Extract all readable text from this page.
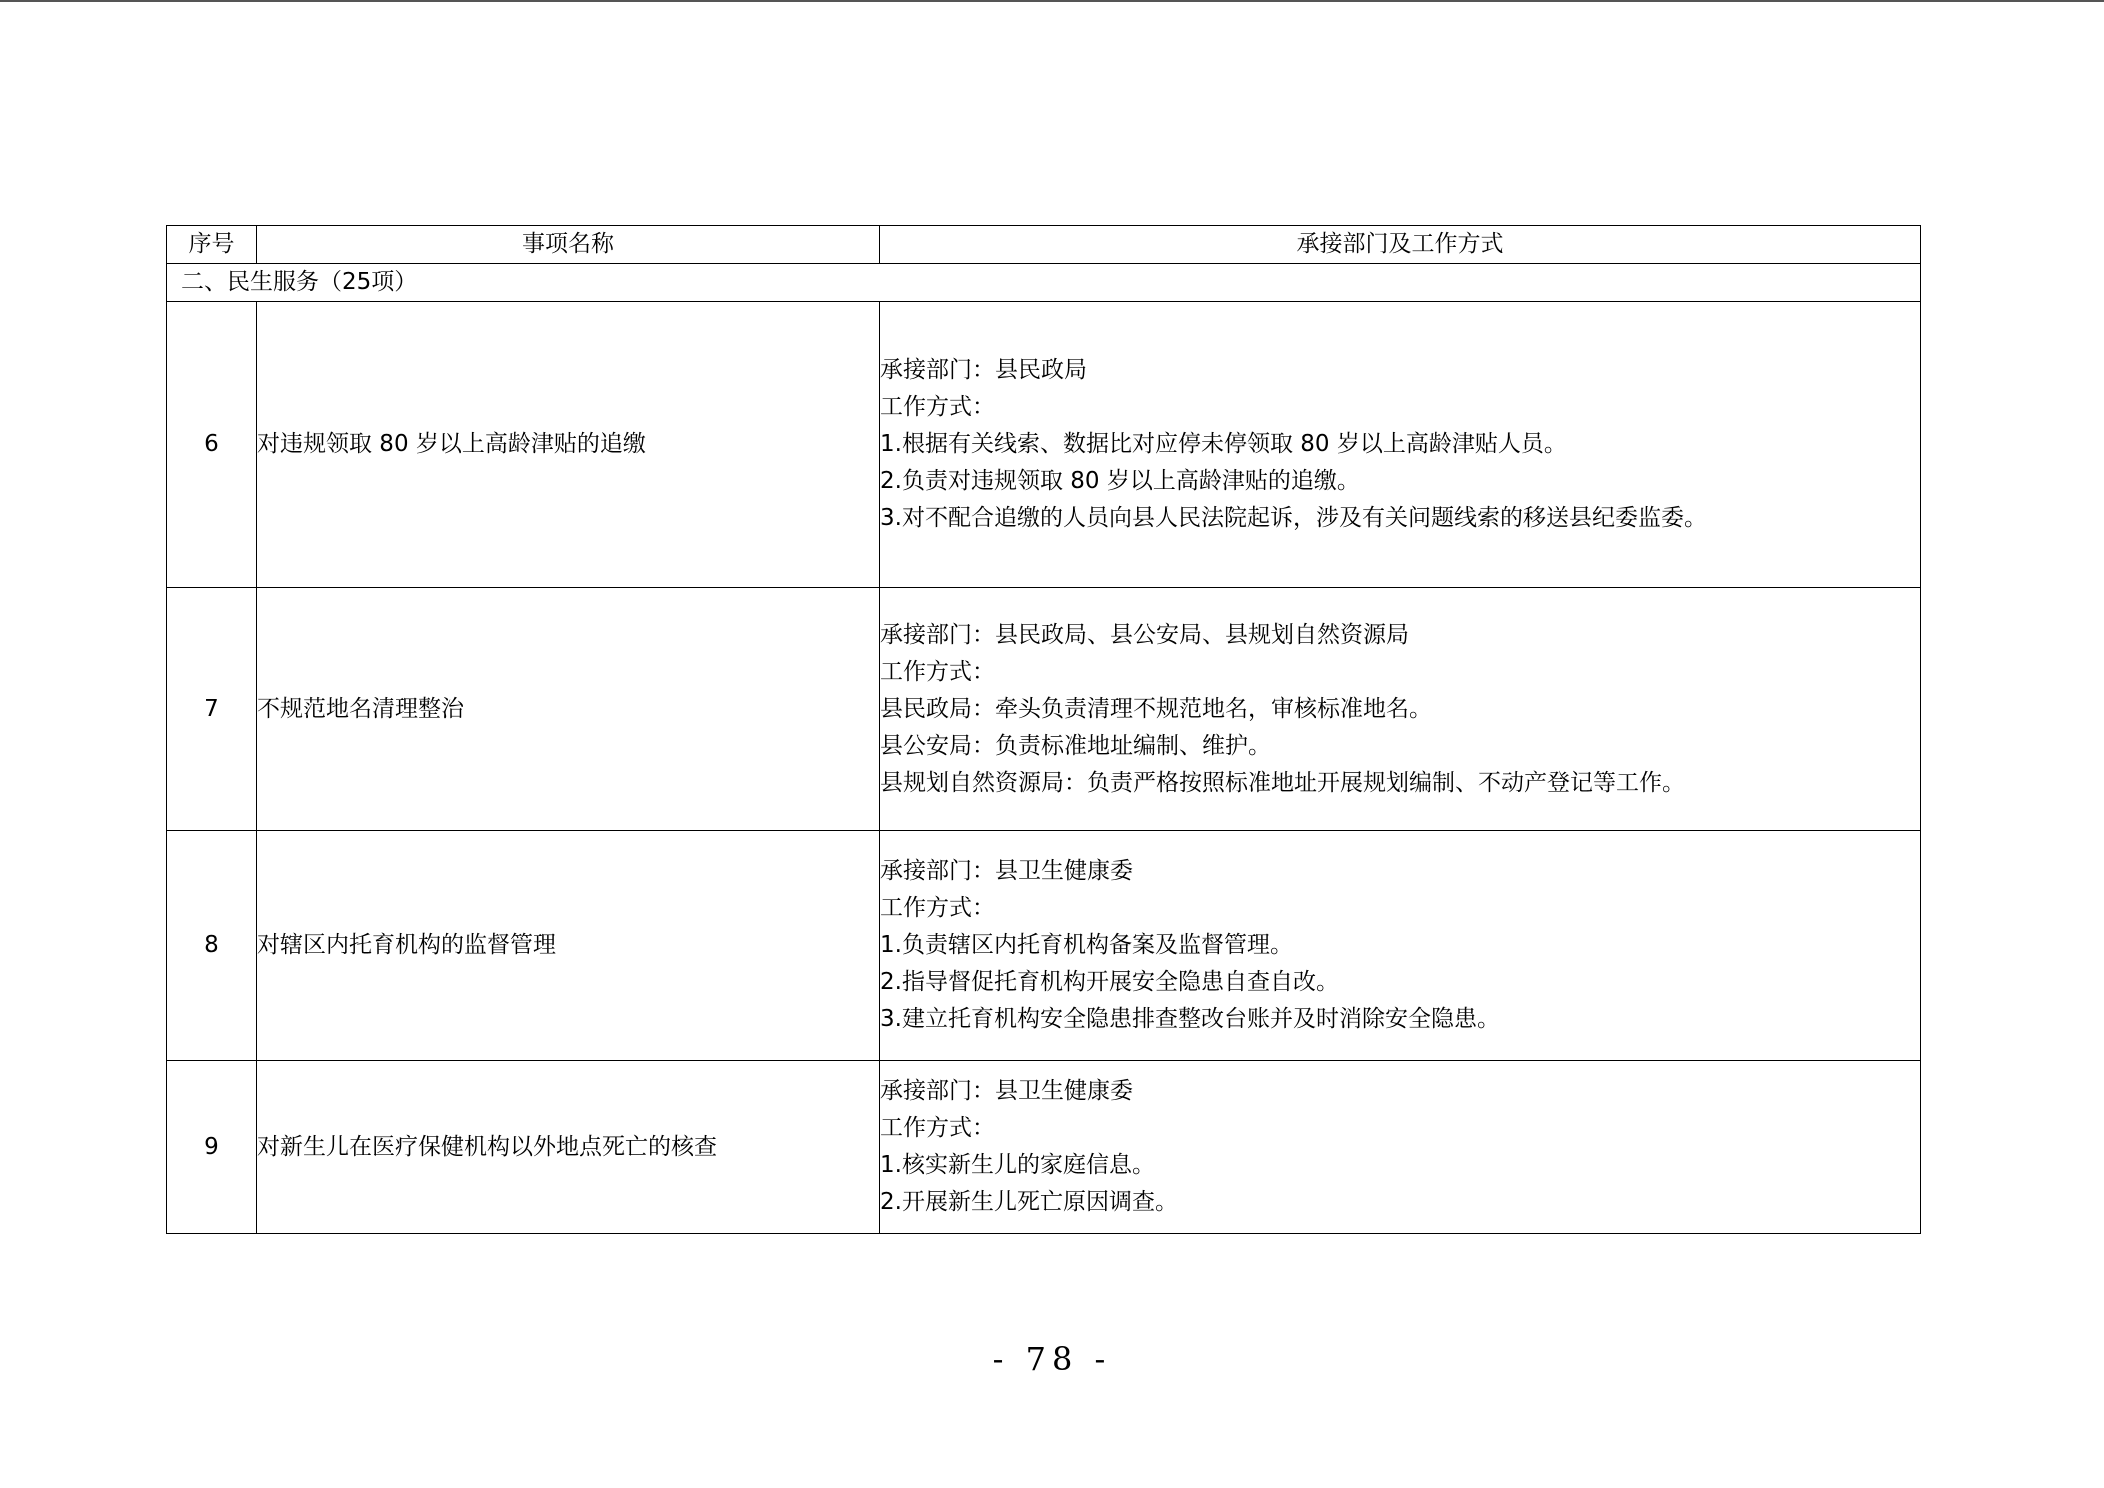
序号	事项名称	承接部门及工作方式
二、民生服务（25项）		
6	对违规领取 80 岁以上高龄津贴的追缴	承接部门：县民政局
工作方式：
1.根据有关线索、数据比对应停未停领取 80 岁以上高龄津贴人员。
2.负责对违规领取 80 岁以上高龄津贴的追缴。
3.对不配合追缴的人员向县人民法院起诉，涉及有关问题线索的移送县纪委监委。

7	不规范地名清理整治	承接部门：县民政局、县公安局、县规划自然资源局
工作方式：
县民政局：牵头负责清理不规范地名，审核标准地名。
县公安局：负责标准地址编制、维护。
县规划自然资源局：负责严格按照标准地址开展规划编制、不动产登记等工作。

8	对辖区内托育机构的监督管理	承接部门：县卫生健康委
工作方式：
1.负责辖区内托育机构备案及监督管理。
2.指导督促托育机构开展安全隐患自查自改。
3.建立托育机构安全隐患排查整改台账并及时消除安全隐患。

9	对新生儿在医疗保健机构以外地点死亡的核查	承接部门：县卫生健康委
工作方式：
1.核实新生儿的家庭信息。
2.开展新生儿死亡原因调查。
- 78 -
